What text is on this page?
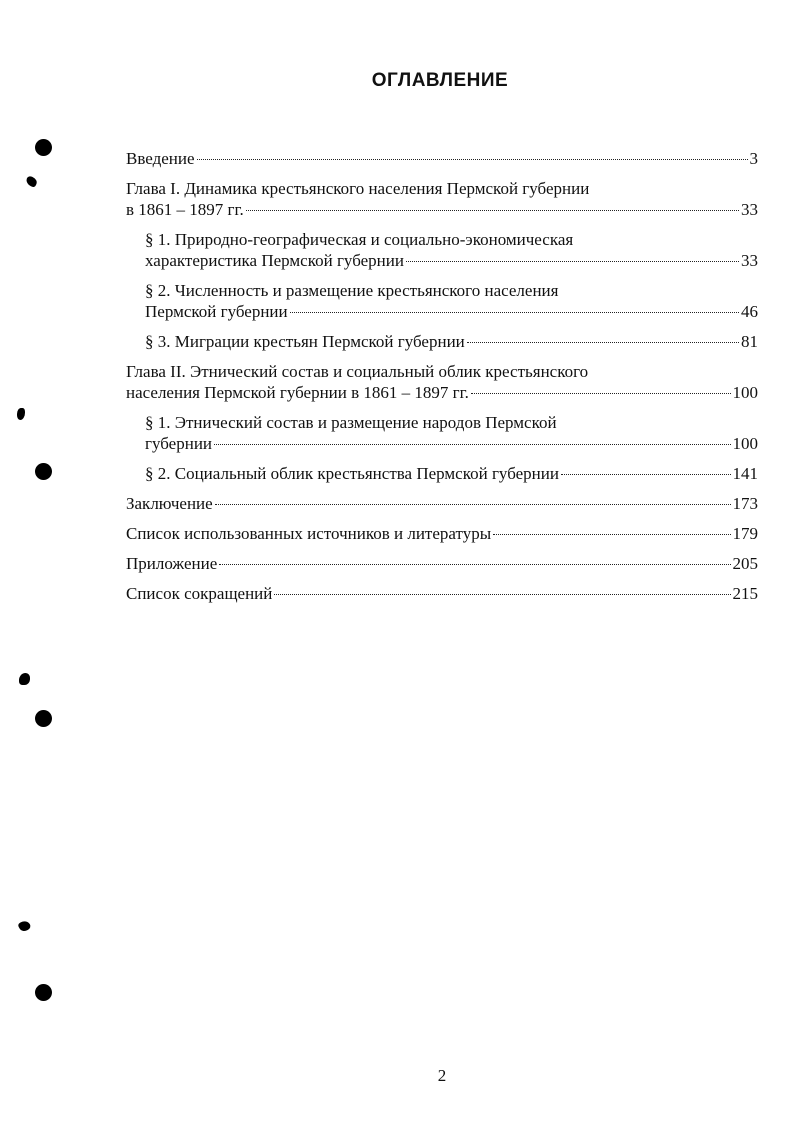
ОГЛАВЛЕНИЕ
Введение	3
Глава I. Динамика крестьянского населения Пермской губернии
в 1861 – 1897 гг.	33
§ 1. Природно-географическая и социально-экономическая
характеристика Пермской губернии	33
§ 2. Численность и размещение крестьянского населения
Пермской губернии	46
§ 3. Миграции крестьян Пермской губернии	81
Глава II. Этнический состав и социальный облик крестьянского
населения Пермской губернии в 1861 – 1897 гг.	100
§ 1. Этнический состав и размещение народов Пермской
губернии	100
§ 2. Социальный облик крестьянства Пермской губернии	141
Заключение	173
Список использованных источников и литературы	179
Приложение	205
Список сокращений	215
2
